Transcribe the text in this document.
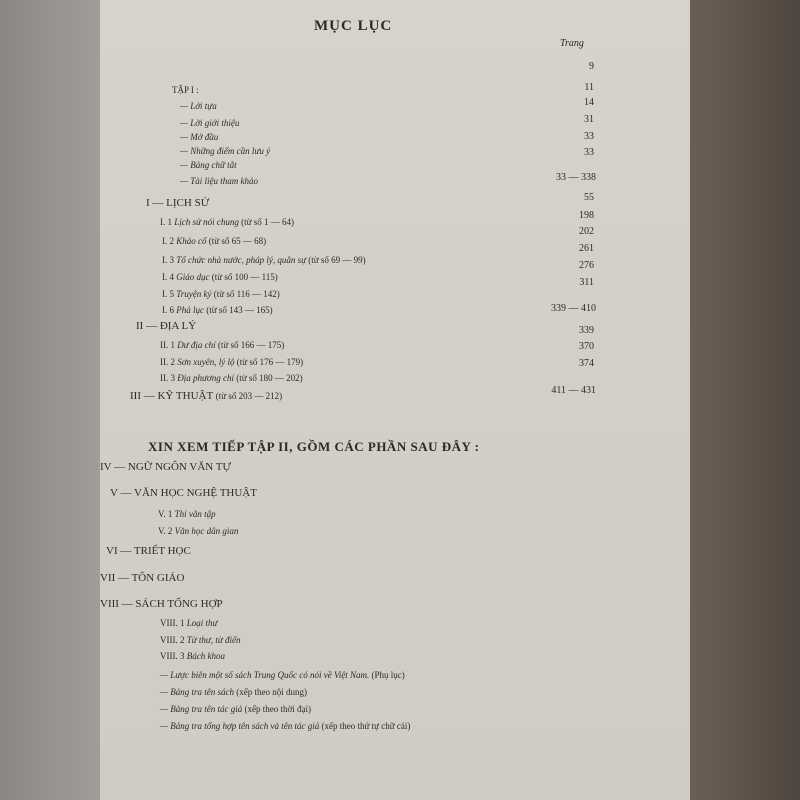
MỤC LỤC
Trang
9
TẬP I :
— Lời tựa
— Lời giới thiệu
— Mở đầu
— Những điểm cần lưu ý
— Bảng chữ tắt
— Tài liệu tham khảo
11
14
31
33
33
33 — 338
I — LỊCH SỬ	55
I. 1 Lịch sử nói chung (từ số 1 — 64)
I. 2 Khảo cổ (từ số 65 — 68)
I. 3 Tổ chức nhà nước, pháp lý, quân sự (từ số 69 — 99)
I. 4 Giáo dục (từ số 100 — 115)
I. 5 Truyện ký (từ số 116 — 142)
I. 6 Phả lục (từ số 143 — 165)
198
202
261
276
311
II — ĐỊA LÝ
339 — 410
II. 1 Dư địa chí (từ số 166 — 175)
II. 2 Sơn xuyên, lý lộ (từ số 176 — 179)
II. 3 Địa phương chí (từ số 180 — 202)
339
370
374
III — KỸ THUẬT (từ số 203 — 212)	411 — 431
XIN XEM TIẾP TẬP II, GỒM CÁC PHẦN SAU ĐÂY :
IV — NGỮ NGÔN VĂN TỰ
V — VĂN HỌC NGHỆ THUẬT
V. 1 Thi văn tập
V. 2 Văn học dân gian
VI — TRIẾT HỌC
VII — TÔN GIÁO
VIII — SÁCH TỔNG HỢP
VIII. 1 Loại thư
VIII. 2 Từ thư, từ điển
VIII. 3 Bách khoa
— Lược biên một số sách Trung Quốc có nói về Việt Nam. (Phụ lục)
— Bảng tra tên sách (xếp theo nội dung)
— Bảng tra tên tác giả (xếp theo thời đại)
— Bảng tra tổng hợp tên sách và tên tác giả (xếp theo thứ tự chữ cái)
